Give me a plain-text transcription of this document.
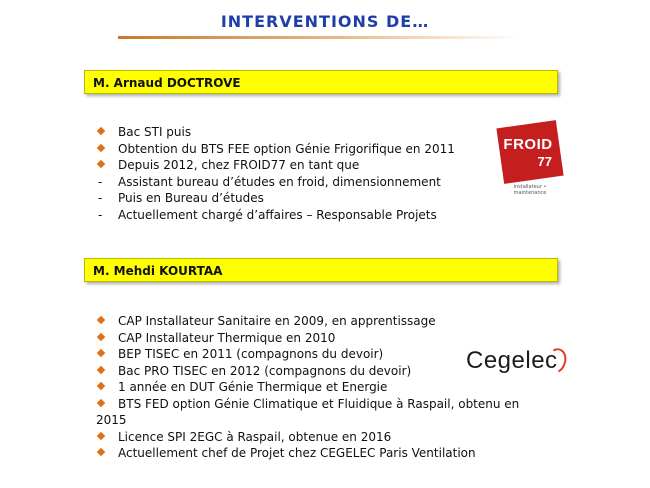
INTERVENTIONS DE…
M. Arnaud DOCTROVE
Bac STI puis
Obtention du BTS FEE option Génie Frigorifique en 2011
Depuis 2012, chez FROID77 en tant que
- Assistant bureau d’études en froid, dimensionnement
- Puis en Bureau d’études
- Actuellement chargé d’affaires – Responsable Projets
FROID
77
installateur • maintenance
M. Mehdi KOURTAA
CAP Installateur Sanitaire en 2009, en apprentissage
CAP Installateur Thermique en 2010
BEP TISEC en 2011 (compagnons du devoir)
Bac PRO TISEC en 2012 (compagnons du devoir)
1 année en DUT Génie Thermique et Energie
BTS FED option Génie Climatique et Fluidique à Raspail, obtenu en
2015
Licence SPI 2EGC à Raspail, obtenue en 2016
Actuellement chef de Projet chez CEGELEC Paris Ventilation
Cegelec
